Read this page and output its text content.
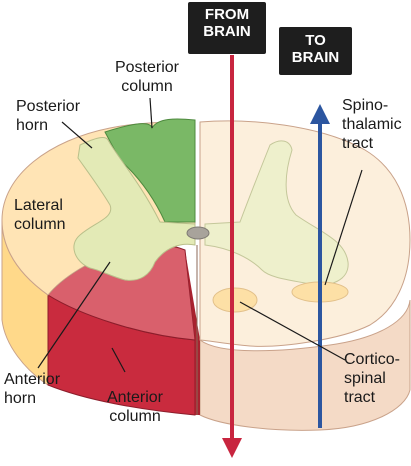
FROM
BRAIN
TO
BRAIN
Posterior
column
Posterior
horn
Lateral
column
Anterior
horn	Anterior
column
Spino-
thalamic
tract
Cortico-
spinal
tract
